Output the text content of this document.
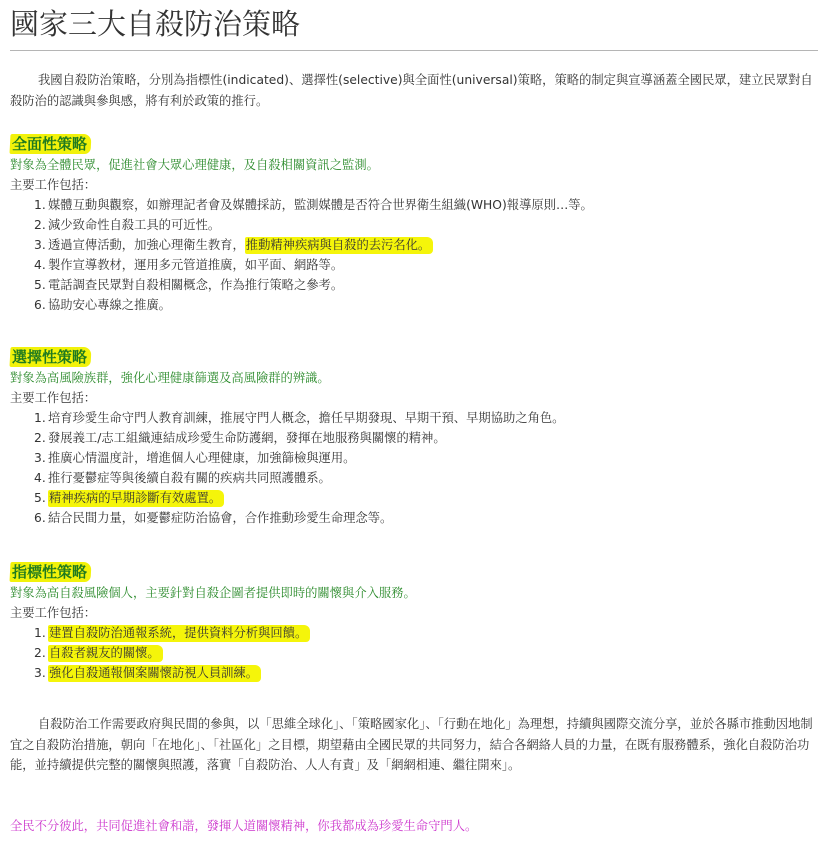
國家三大自殺防治策略

我國自殺防治策略，分別為指標性(indicated)、選擇性(selective)與全面性(universal)策略，策略的制定與宣導涵蓋全國民眾，建立民眾對自殺防治的認識與參與感，將有利於政策的推行。

全面性策略

對象為全體民眾，促進社會大眾心理健康，及自殺相關資訊之監測。

主要工作包括：

1. 媒體互動與觀察，如辦理記者會及媒體採訪，監測媒體是否符合世界衛生組織(WHO)報導原則…等。
2. 減少致命性自殺工具的可近性。
3. 透過宣傳活動，加強心理衛生教育，推動精神疾病與自殺的去污名化。
4. 製作宣導教材，運用多元管道推廣，如平面、網路等。
5. 電話調查民眾對自殺相關概念，作為推行策略之參考。
6. 協助安心專線之推廣。
選擇性策略

對象為高風險族群，強化心理健康篩選及高風險群的辨識。

主要工作包括：

1. 培育珍愛生命守門人教育訓練，推展守門人概念，擔任早期發現、早期干預、早期協助之角色。
2. 發展義工/志工組織連結成珍愛生命防護網，發揮在地服務與關懷的精神。
3. 推廣心情溫度計，增進個人心理健康，加強篩檢與運用。
4. 推行憂鬱症等與後續自殺有關的疾病共同照護體系。
5. 精神疾病的早期診斷有效處置。
6. 結合民間力量，如憂鬱症防治協會，合作推動珍愛生命理念等。
指標性策略

對象為高自殺風險個人，主要針對自殺企圖者提供即時的關懷與介入服務。

主要工作包括：

1. 建置自殺防治通報系統，提供資料分析與回饋。
2. 自殺者親友的關懷。
3. 強化自殺通報個案關懷訪視人員訓練。

自殺防治工作需要政府與民間的參與，以「思維全球化」、「策略國家化」、「行動在地化」為理想，持續與國際交流分享，並於各縣市推動因地制宜之自殺防治措施，朝向「在地化」、「社區化」之目標，期望藉由全國民眾的共同努力，結合各網絡人員的力量，在既有服務體系，強化自殺防治功能，並持續提供完整的關懷與照護，落實「自殺防治、人人有責」及「網網相連、繼往開來」。

全民不分彼此，共同促進社會和諧，發揮人道關懷精神，你我都成為珍愛生命守門人。
